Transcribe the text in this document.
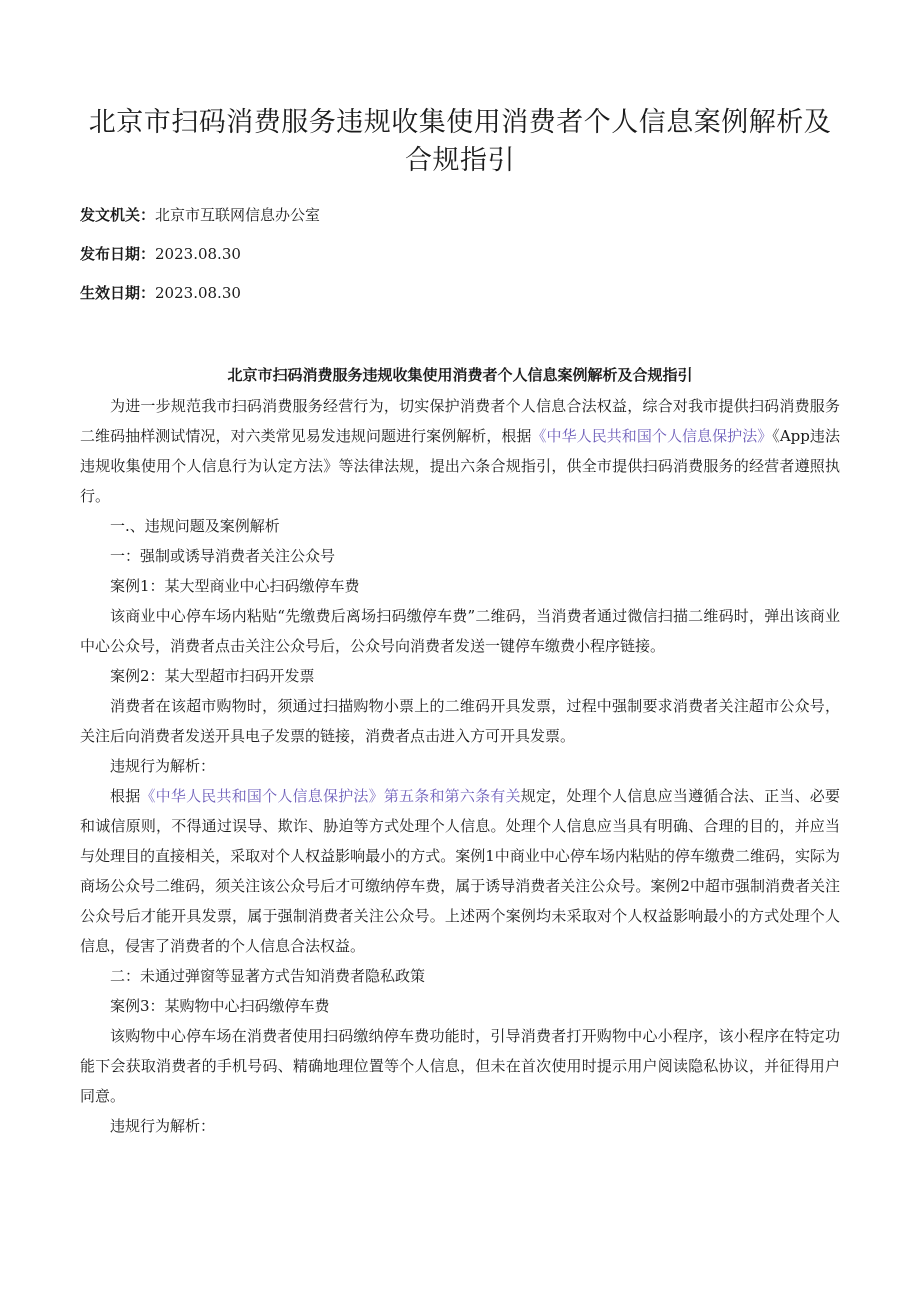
北京市扫码消费服务违规收集使用消费者个人信息案例解析及合规指引
发文机关：北京市互联网信息办公室
发布日期：2023.08.30
生效日期：2023.08.30
北京市扫码消费服务违规收集使用消费者个人信息案例解析及合规指引

为进一步规范我市扫码消费服务经营行为，切实保护消费者个人信息合法权益，综合对我市提供扫码消费服务二维码抽样测试情况，对六类常见易发违规问题进行案例解析，根据《中华人民共和国个人信息保护法》《App违法违规收集使用个人信息行为认定方法》等法律法规，提出六条合规指引，供全市提供扫码消费服务的经营者遵照执行。

一.、违规问题及案例解析

一：强制或诱导消费者关注公众号

案例1：某大型商业中心扫码缴停车费

该商业中心停车场内粘贴“先缴费后离场扫码缴停车费”二维码，当消费者通过微信扫描二维码时，弹出该商业中心公众号，消费者点击关注公众号后，公众号向消费者发送一键停车缴费小程序链接。

案例2：某大型超市扫码开发票

消费者在该超市购物时，须通过扫描购物小票上的二维码开具发票，过程中强制要求消费者关注超市公众号，关注后向消费者发送开具电子发票的链接，消费者点击进入方可开具发票。

违规行为解析：

根据《中华人民共和国个人信息保护法》第五条和第六条有关规定，处理个人信息应当遵循合法、正当、必要和诚信原则，不得通过误导、欺诈、胁迫等方式处理个人信息。处理个人信息应当具有明确、合理的目的，并应当与处理目的直接相关，采取对个人权益影响最小的方式。案例1中商业中心停车场内粘贴的停车缴费二维码，实际为商场公众号二维码，须关注该公众号后才可缴纳停车费，属于诱导消费者关注公众号。案例2中超市强制消费者关注公众号后才能开具发票，属于强制消费者关注公众号。上述两个案例均未采取对个人权益影响最小的方式处理个人信息，侵害了消费者的个人信息合法权益。

二：未通过弹窗等显著方式告知消费者隐私政策

案例3：某购物中心扫码缴停车费

该购物中心停车场在消费者使用扫码缴纳停车费功能时，引导消费者打开购物中心小程序，该小程序在特定功能下会获取消费者的手机号码、精确地理位置等个人信息，但未在首次使用时提示用户阅读隐私协议，并征得用户同意。

违规行为解析：
